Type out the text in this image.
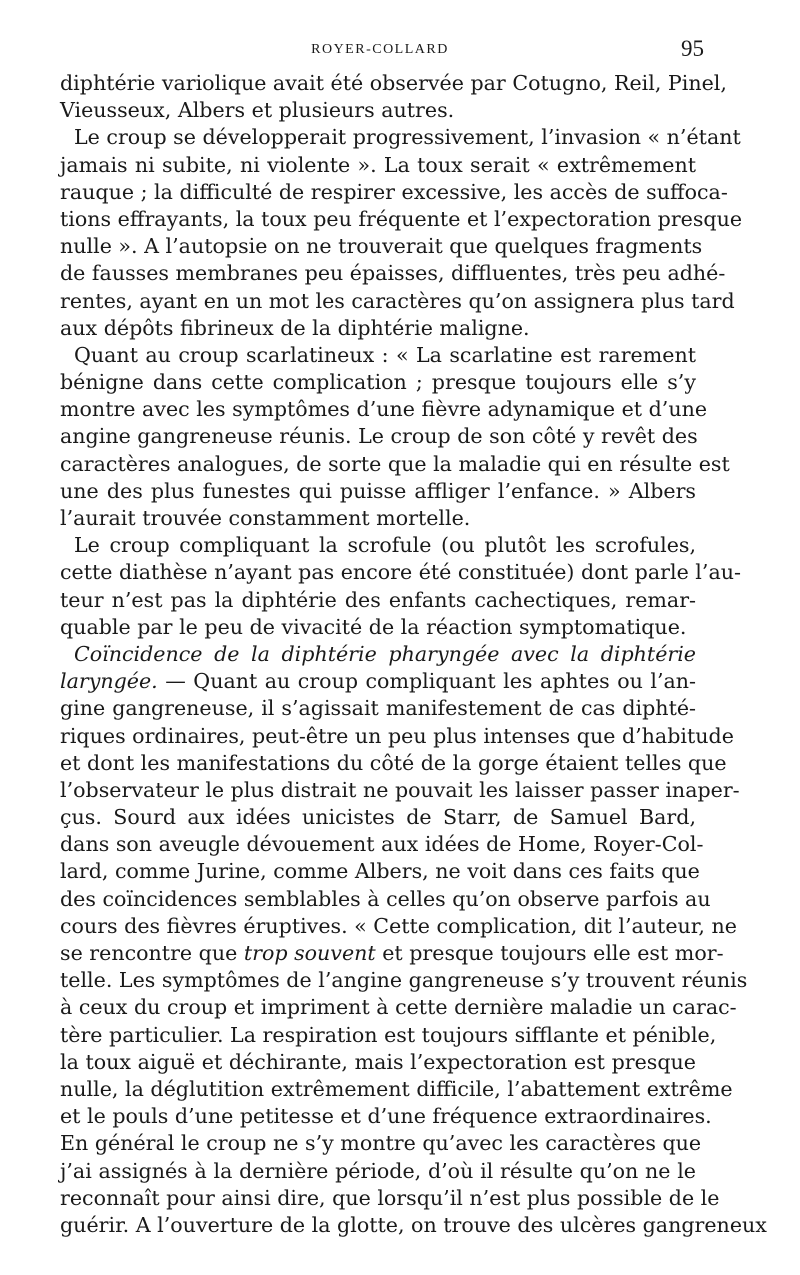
ROYER-COLLARD	95
diphtérie variolique avait été observée par Cotugno, Reil, Pinel,
Vieusseux, Albers et plusieurs autres.
Le croup se développerait progressivement, l’invasion « n’étant
jamais ni subite, ni violente ». La toux serait « extrêmement
rauque ; la difficulté de respirer excessive, les accès de suffoca-
tions effrayants, la toux peu fréquente et l’expectoration presque
nulle ». A l’autopsie on ne trouverait que quelques fragments
de fausses membranes peu épaisses, diffluentes, très peu adhé-
rentes, ayant en un mot les caractères qu’on assignera plus tard
aux dépôts fibrineux de la diphtérie maligne.
Quant au croup scarlatineux : « La scarlatine est rarement
bénigne dans cette complication ; presque toujours elle s’y
montre avec les symptômes d’une fièvre adynamique et d’une
angine gangreneuse réunis. Le croup de son côté y revêt des
caractères analogues, de sorte que la maladie qui en résulte est
une des plus funestes qui puisse affliger l’enfance. » Albers
l’aurait trouvée constamment mortelle.
Le croup compliquant la scrofule (ou plutôt les scrofules,
cette diathèse n’ayant pas encore été constituée) dont parle l’au-
teur n’est pas la diphtérie des enfants cachectiques, remar-
quable par le peu de vivacité de la réaction symptomatique.
Coïncidence de la diphtérie pharyngée avec la diphtérie
laryngée. — Quant au croup compliquant les aphtes ou l’an-
gine gangreneuse, il s’agissait manifestement de cas diphté-
riques ordinaires, peut-être un peu plus intenses que d’habitude
et dont les manifestations du côté de la gorge étaient telles que
l’observateur le plus distrait ne pouvait les laisser passer inaper-
çus. Sourd aux idées unicistes de Starr, de Samuel Bard,
dans son aveugle dévouement aux idées de Home, Royer-Col-
lard, comme Jurine, comme Albers, ne voit dans ces faits que
des coïncidences semblables à celles qu’on observe parfois au
cours des fièvres éruptives. « Cette complication, dit l’auteur, ne
se rencontre que trop souvent et presque toujours elle est mor-
telle. Les symptômes de l’angine gangreneuse s’y trouvent réunis
à ceux du croup et impriment à cette dernière maladie un carac-
tère particulier. La respiration est toujours sifflante et pénible,
la toux aiguë et déchirante, mais l’expectoration est presque
nulle, la déglutition extrêmement difficile, l’abattement extrême
et le pouls d’une petitesse et d’une fréquence extraordinaires.
En général le croup ne s’y montre qu’avec les caractères que
j’ai assignés à la dernière période, d’où il résulte qu’on ne le
reconnaît pour ainsi dire, que lorsqu’il n’est plus possible de le
guérir. A l’ouverture de la glotte, on trouve des ulcères gangreneux
